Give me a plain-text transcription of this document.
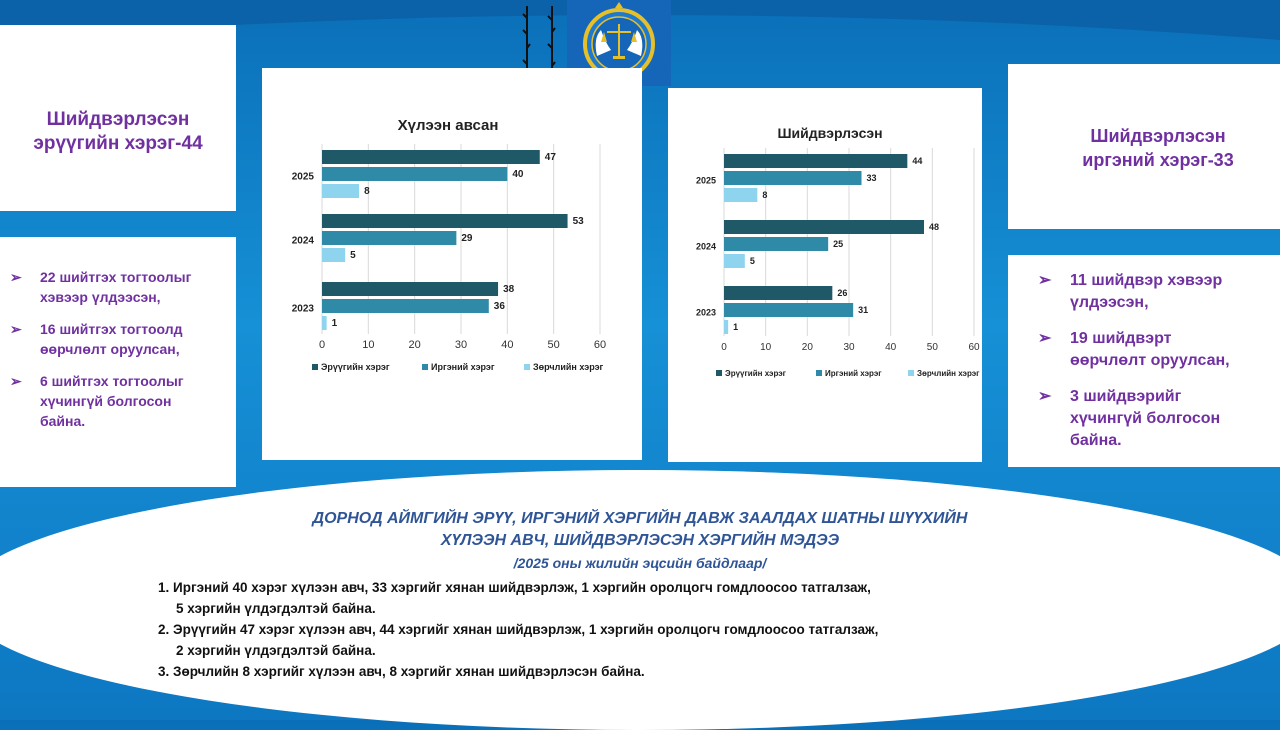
Шийдвэрлэсэн
эрүүгийн хэрэг-44
➢ 22 шийтгэх тогтоолыг
хэвээр үлдээсэн,
➢ 16 шийтгэх тогтоолд
өөрчлөлт оруулсан,
➢ 6 шийтгэх тогтоолыг
хүчингүй болгосон
байна.
Шийдвэрлэсэн
иргэний хэрэг-33
➢ 11 шийдвэр хэвээр
үлдээсэн,
➢ 19 шийдвэрт
өөрчлөлт оруулсан,
➢ 3 шийдвэрийг
хүчингүй болгосон
байна.
Хүлээн авсан
0	10	20	30	40	50	60
47
40
8
2025
53
29
5
2024
38
36
1
2023
Эрүүгийн хэрэг	Иргэний хэрэг	Зөрчлийн хэрэг
Шийдвэрлэсэн
0	10	20	30	40	50	60
44
33
8
2025
48
25
5
2024
26
31
1
2023
Эрүүгийн хэрэг	Иргэний хэрэг	Зөрчлийн хэрэг
ДОРНОД АЙМГИЙН ЭРҮҮ, ИРГЭНИЙ ХЭРГИЙН ДАВЖ ЗААЛДАХ ШАТНЫ ШҮҮХИЙН
ХҮЛЭЭН АВЧ, ШИЙДВЭРЛЭСЭН ХЭРГИЙН МЭДЭЭ
/2025 оны жилийн эцсийн байдлаар/
1. Иргэний 40 хэрэг хүлээн авч, 33 хэргийг хянан шийдвэрлэж, 1 хэргийн оролцогч гомдлоосоо татгалзаж,
5 хэргийн үлдэгдэлтэй байна.
2. Эрүүгийн 47 хэрэг хүлээн авч, 44 хэргийг хянан шийдвэрлэж, 1 хэргийн оролцогч гомдлоосоо татгалзаж,
2 хэргийн үлдэгдэлтэй байна.
3. Зөрчлийн 8 хэргийг хүлээн авч, 8 хэргийг хянан шийдвэрлэсэн байна.
